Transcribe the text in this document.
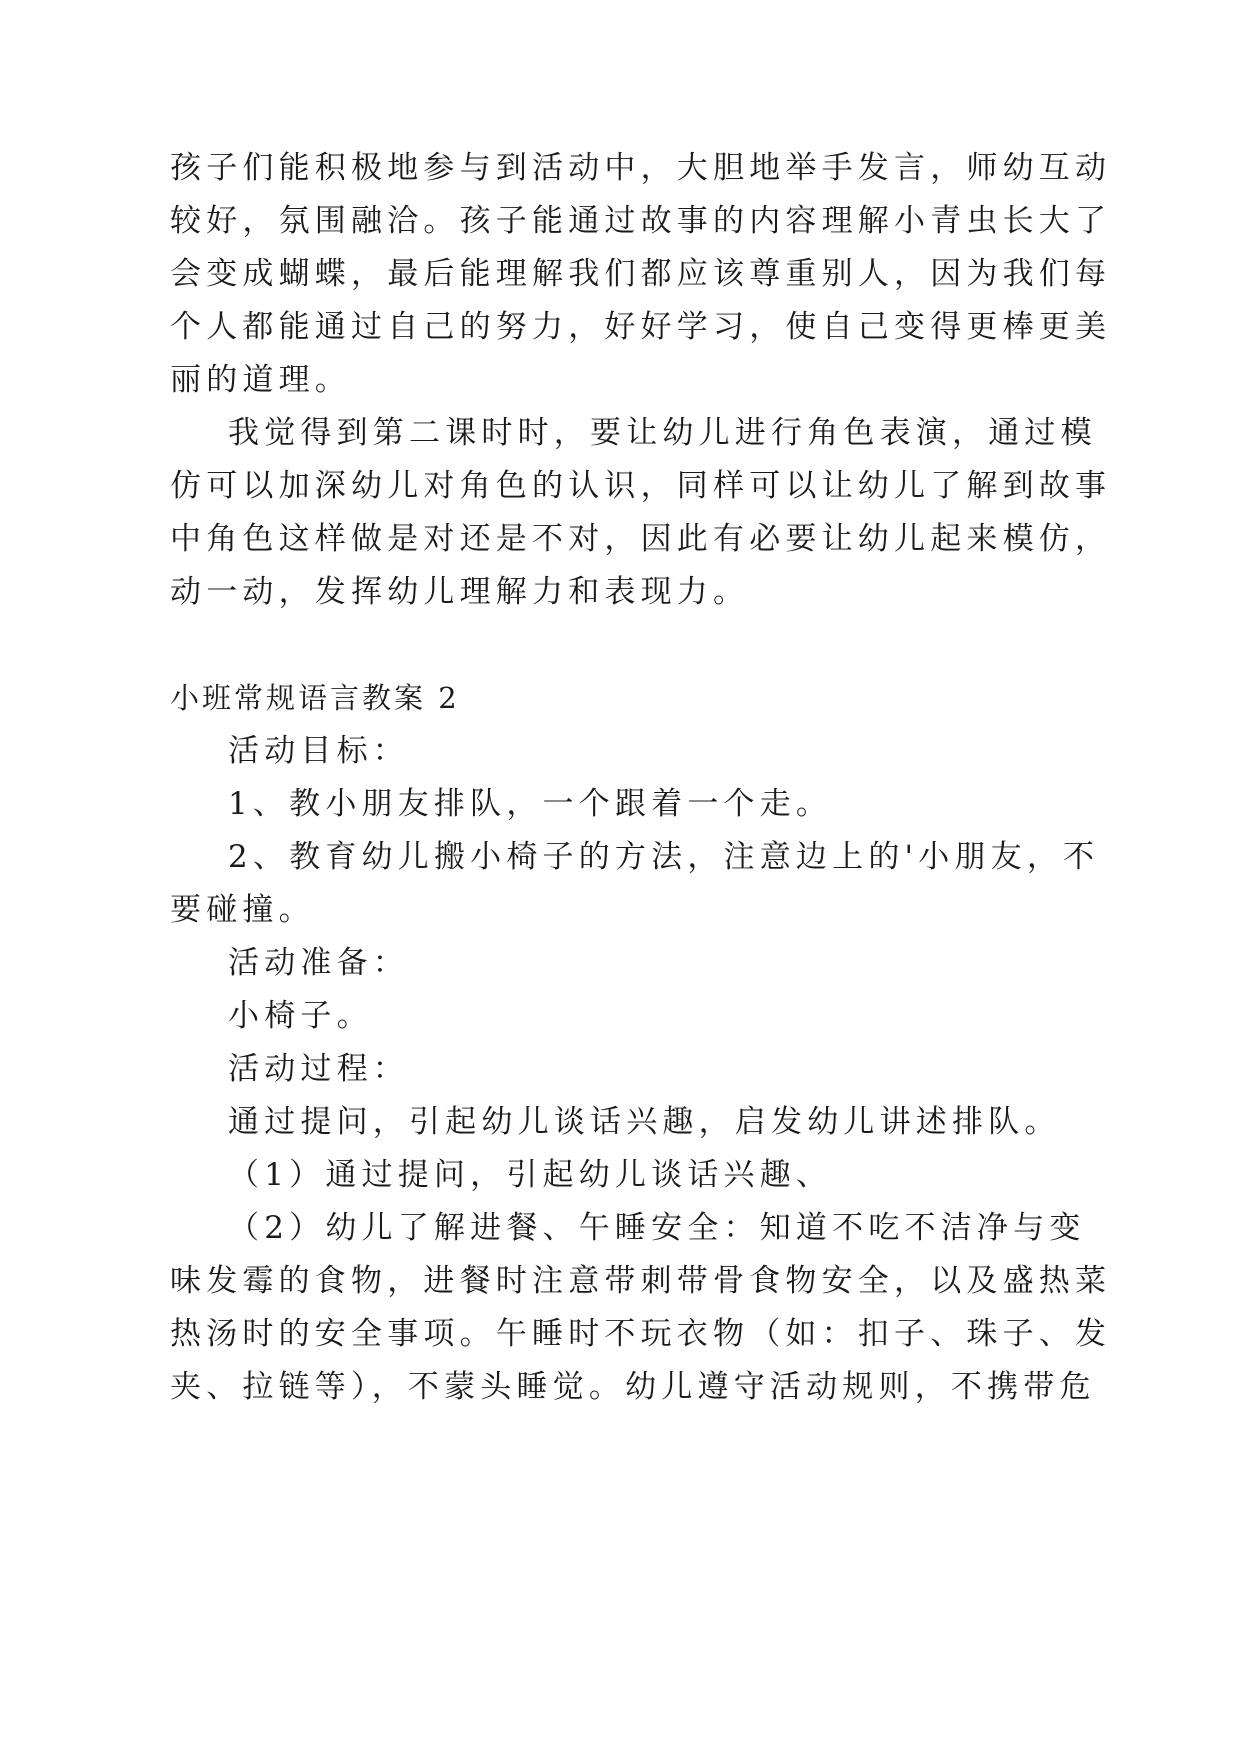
孩子们能积极地参与到活动中，大胆地举手发言，师幼互动
较好，氛围融洽。孩子能通过故事的内容理解小青虫长大了
会变成蝴蝶，最后能理解我们都应该尊重别人，因为我们每
个人都能通过自己的努力，好好学习，使自己变得更棒更美
丽的道理。
我觉得到第二课时时，要让幼儿进行角色表演，通过模
仿可以加深幼儿对角色的认识，同样可以让幼儿了解到故事
中角色这样做是对还是不对，因此有必要让幼儿起来模仿，
动一动，发挥幼儿理解力和表现力。
小班常规语言教案 2
活动目标：
1、教小朋友排队，一个跟着一个走。
2、教育幼儿搬小椅子的方法，注意边上的'小朋友，不
要碰撞。
活动准备：
小椅子。
活动过程：
通过提问，引起幼儿谈话兴趣，启发幼儿讲述排队。
（1）通过提问，引起幼儿谈话兴趣、
（2）幼儿了解进餐、午睡安全：知道不吃不洁净与变
味发霉的食物，进餐时注意带刺带骨食物安全，以及盛热菜
热汤时的安全事项。午睡时不玩衣物（如：扣子、珠子、发
夹、拉链等），不蒙头睡觉。幼儿遵守活动规则，不携带危
